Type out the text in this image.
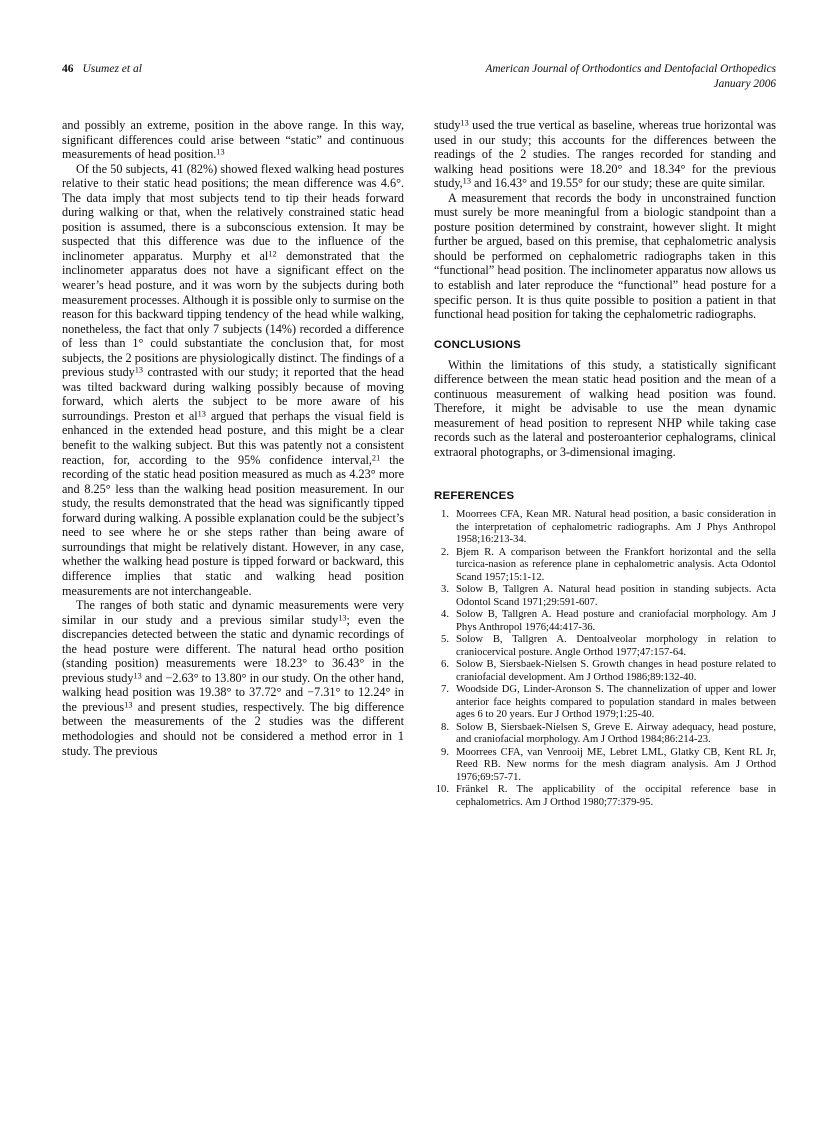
46 Usumez et al	American Journal of Orthodontics and Dentofacial Orthopedics
January 2006

and possibly an extreme, position in the above range. In this way, significant differences could arise between “static” and continuous measurements of head position.$^{13}$

Of the 50 subjects, 41 (82%) showed flexed walking head postures relative to their static head positions; the mean difference was 4.6°. The data imply that most subjects tend to tip their heads forward during walking or that, when the relatively constrained static head position is assumed, there is a subconscious extension. It may be suspected that this difference was due to the influence of the inclinometer apparatus. Murphy et $al^{12}$ demonstrated that the inclinometer apparatus does not have a significant effect on the wearer’s head posture, and it was worn by the subjects during both measurement processes. Although it is possible only to surmise on the reason for this backward tipping tendency of the head while walking, nonetheless, the fact that only 7 subjects (14%) recorded a difference of less than 1° could substantiate the conclusion that, for most subjects, the 2 positions are physiologically distinct. The findings of a previous study$^{13}$ contrasted with our study; it reported that the head was tilted backward during walking possibly because of moving forward, which alerts the subject to be more aware of his surroundings. Preston et $al^{13}$ argued that perhaps the visual field is enhanced in the extended head posture, and this might be a clear benefit to the walking subject. But this was patently not a consistent reaction, for, according to the 95% confidence interval,$^{21}$ the recording of the static head position measured as much as 4.23° more and 8.25° less than the walking head position measurement. In our study, the results demonstrated that the head was significantly tipped forward during walking. A possible explanation could be the subject’s need to see where he or she steps rather than being aware of surroundings that might be relatively distant. However, in any case, whether the walking head posture is tipped forward or backward, this difference implies that static and walking head position measurements are not interchangeable.

The ranges of both static and dynamic measurements were very similar in our study and a previous similar study$^{13}$; even the discrepancies detected between the static and dynamic recordings of the head posture were different. The natural head ortho position (standing position) measurements were 18.23° to 36.43° in the previous study$^{13}$ and −2.63° to 13.80° in our study. On the other hand, walking head position was 19.38° to 37.72° and −7.31° to 12.24° in the previous$^{13}$ and present studies, respectively. The big difference between the measurements of the 2 studies was the different methodologies and should not be considered a method error in 1 study. The previous

study$^{13}$ used the true vertical as baseline, whereas true horizontal was used in our study; this accounts for the differences between the readings of the 2 studies. The ranges recorded for standing and walking head positions were 18.20° and 18.34° for the previous study,$^{13}$ and 16.43° and 19.55° for our study; these are quite similar.

A measurement that records the body in unconstrained function must surely be more meaningful from a biologic standpoint than a posture position determined by constraint, however slight. It might further be argued, based on this premise, that cephalometric analysis should be performed on cephalometric radiographs taken in this “functional” head position. The inclinometer apparatus now allows us to establish and later reproduce the “functional” head posture for a specific person. It is thus quite possible to position a patient in that functional head position for taking the cephalometric radiographs.

CONCLUSIONS

Within the limitations of this study, a statistically significant difference between the mean static head position and the mean of a continuous measurement of walking head position was found. Therefore, it might be advisable to use the mean dynamic measurement of head position to represent NHP while taking case records such as the lateral and posteroanterior cephalograms, clinical extraoral photographs, or 3-dimensional imaging.

REFERENCES
1. Moorrees CFA, Kean MR. Natural head position, a basic consideration in the interpretation of cephalometric radiographs. Am J Phys Anthropol 1958;16:213-34.
2. Bjem R. A comparison between the Frankfort horizontal and the sella turcica-nasion as reference plane in cephalometric analysis. Acta Odontol Scand 1957;15:1-12.
3. Solow B, Tallgren A. Natural head position in standing subjects. Acta Odontol Scand 1971;29:591-607.
4. Solow B, Tallgren A. Head posture and craniofacial morphology. Am J Phys Anthropol 1976;44:417-36.
5. Solow B, Tallgren A. Dentoalveolar morphology in relation to craniocervical posture. Angle Orthod 1977;47:157-64.
6. Solow B, Siersbaek-Nielsen S. Growth changes in head posture related to craniofacial development. Am J Orthod 1986;89:132-40.
7. Woodside DG, Linder-Aronson S. The channelization of upper and lower anterior face heights compared to population standard in males between ages 6 to 20 years. Eur J Orthod 1979;1:25-40.
8. Solow B, Siersbaek-Nielsen S, Greve E. Airway adequacy, head posture, and craniofacial morphology. Am J Orthod 1984;86:214-23.
9. Moorrees CFA, van Venrooij ME, Lebret LML, Glatky CB, Kent RL Jr, Reed RB. New norms for the mesh diagram analysis. Am J Orthod 1976;69:57-71.
10. Fränkel R. The applicability of the occipital reference base in cephalometrics. Am J Orthod 1980;77:379-95.
